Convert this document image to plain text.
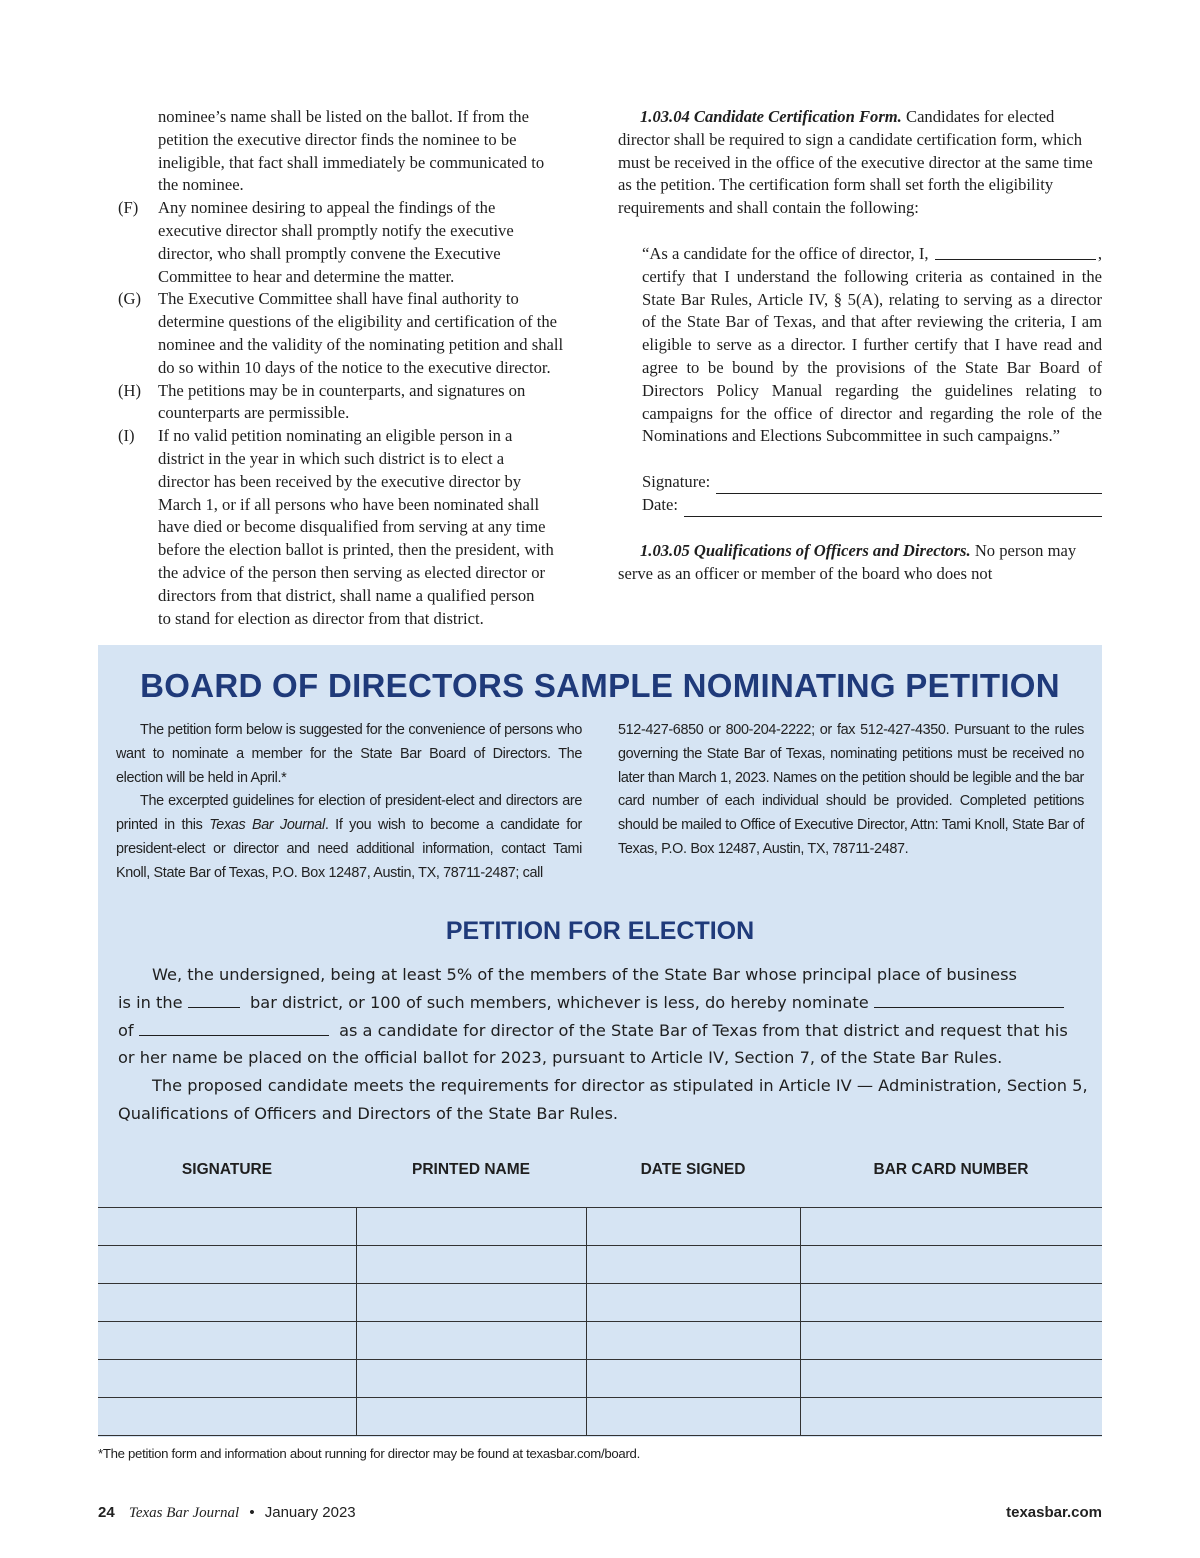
nominee’s name shall be listed on the ballot. If from the
petition the executive director finds the nominee to be
ineligible, that fact shall immediately be communicated to
the nominee.
(F)	Any nominee desiring to appeal the findings of the
executive director shall promptly notify the executive
director, who shall promptly convene the Executive
Committee to hear and determine the matter.
(G)	The Executive Committee shall have final authority to
determine questions of the eligibility and certification of the
nominee and the validity of the nominating petition and shall
do so within 10 days of the notice to the executive director.
(H)	The petitions may be in counterparts, and signatures on
counterparts are permissible.
(I)	If no valid petition nominating an eligible person in a
district in the year in which such district is to elect a
director has been received by the executive director by
March 1, or if all persons who have been nominated shall
have died or become disqualified from serving at any time
before the election ballot is printed, then the president, with
the advice of the person then serving as elected director or
directors from that district, shall name a qualified person
to stand for election as director from that district.

1.03.04 Candidate Certification Form. Candidates for elected director shall be required to sign a candidate certification form, which must be received in the office of the executive director at the same time as the petition. The certification form shall set forth the eligibility requirements and shall contain the following:

“As a candidate for the office of director, I,	,
certify that I understand the following criteria as contained in the State Bar Rules, Article IV, § 5(A), relating to serving as a director of the State Bar of Texas, and that after reviewing the criteria, I am eligible to serve as a director. I further certify that I have read and agree to be bound by the provisions of the State Bar Board of Directors Policy Manual regarding the guidelines relating to campaigns for the office of director and regarding the role of the Nominations and Elections Subcommittee in such campaigns.”
Signature:
Date:

1.03.05 Qualifications of Officers and Directors. No person may serve as an officer or member of the board who does not

BOARD OF DIRECTORS SAMPLE NOMINATING PETITION

The petition form below is suggested for the convenience of persons who want to nominate a member for the State Bar Board of Directors. The election will be held in April.*

The excerpted guidelines for election of president-elect and directors are printed in this Texas Bar Journal. If you wish to become a candidate for president-elect or director and need additional information, contact Tami Knoll, State Bar of Texas, P.O. Box 12487, Austin, TX, 78711-2487; call

512-427-6850 or 800-204-2222; or fax 512-427-4350. Pursuant to the rules governing the State Bar of Texas, nominating petitions must be received no later than March 1, 2023. Names on the petition should be legible and the bar card number of each individual should be provided. Completed petitions should be mailed to Office of Executive Director, Attn: Tami Knoll, State Bar of Texas, P.O. Box 12487, Austin, TX, 78711-2487.

PETITION FOR ELECTION

We, the undersigned, being at least 5% of the members of the State Bar whose principal place of business

is in the	bar district, or 100 of such members, whichever is less, do hereby nominate

of	as a candidate for director of the State Bar of Texas from that district and request that his

or her name be placed on the official ballot for 2023, pursuant to Article IV, Section 7, of the State Bar Rules.

The proposed candidate meets the requirements for director as stipulated in Article IV — Administration, Section 5, Qualifications of Officers and Directors of the State Bar Rules.

SIGNATURE	PRINTED NAME	DATE SIGNED	BAR CARD NUMBER

*The petition form and information about running for director may be found at texasbar.com/board.
24 Texas Bar Journal • January 2023	texasbar.com
